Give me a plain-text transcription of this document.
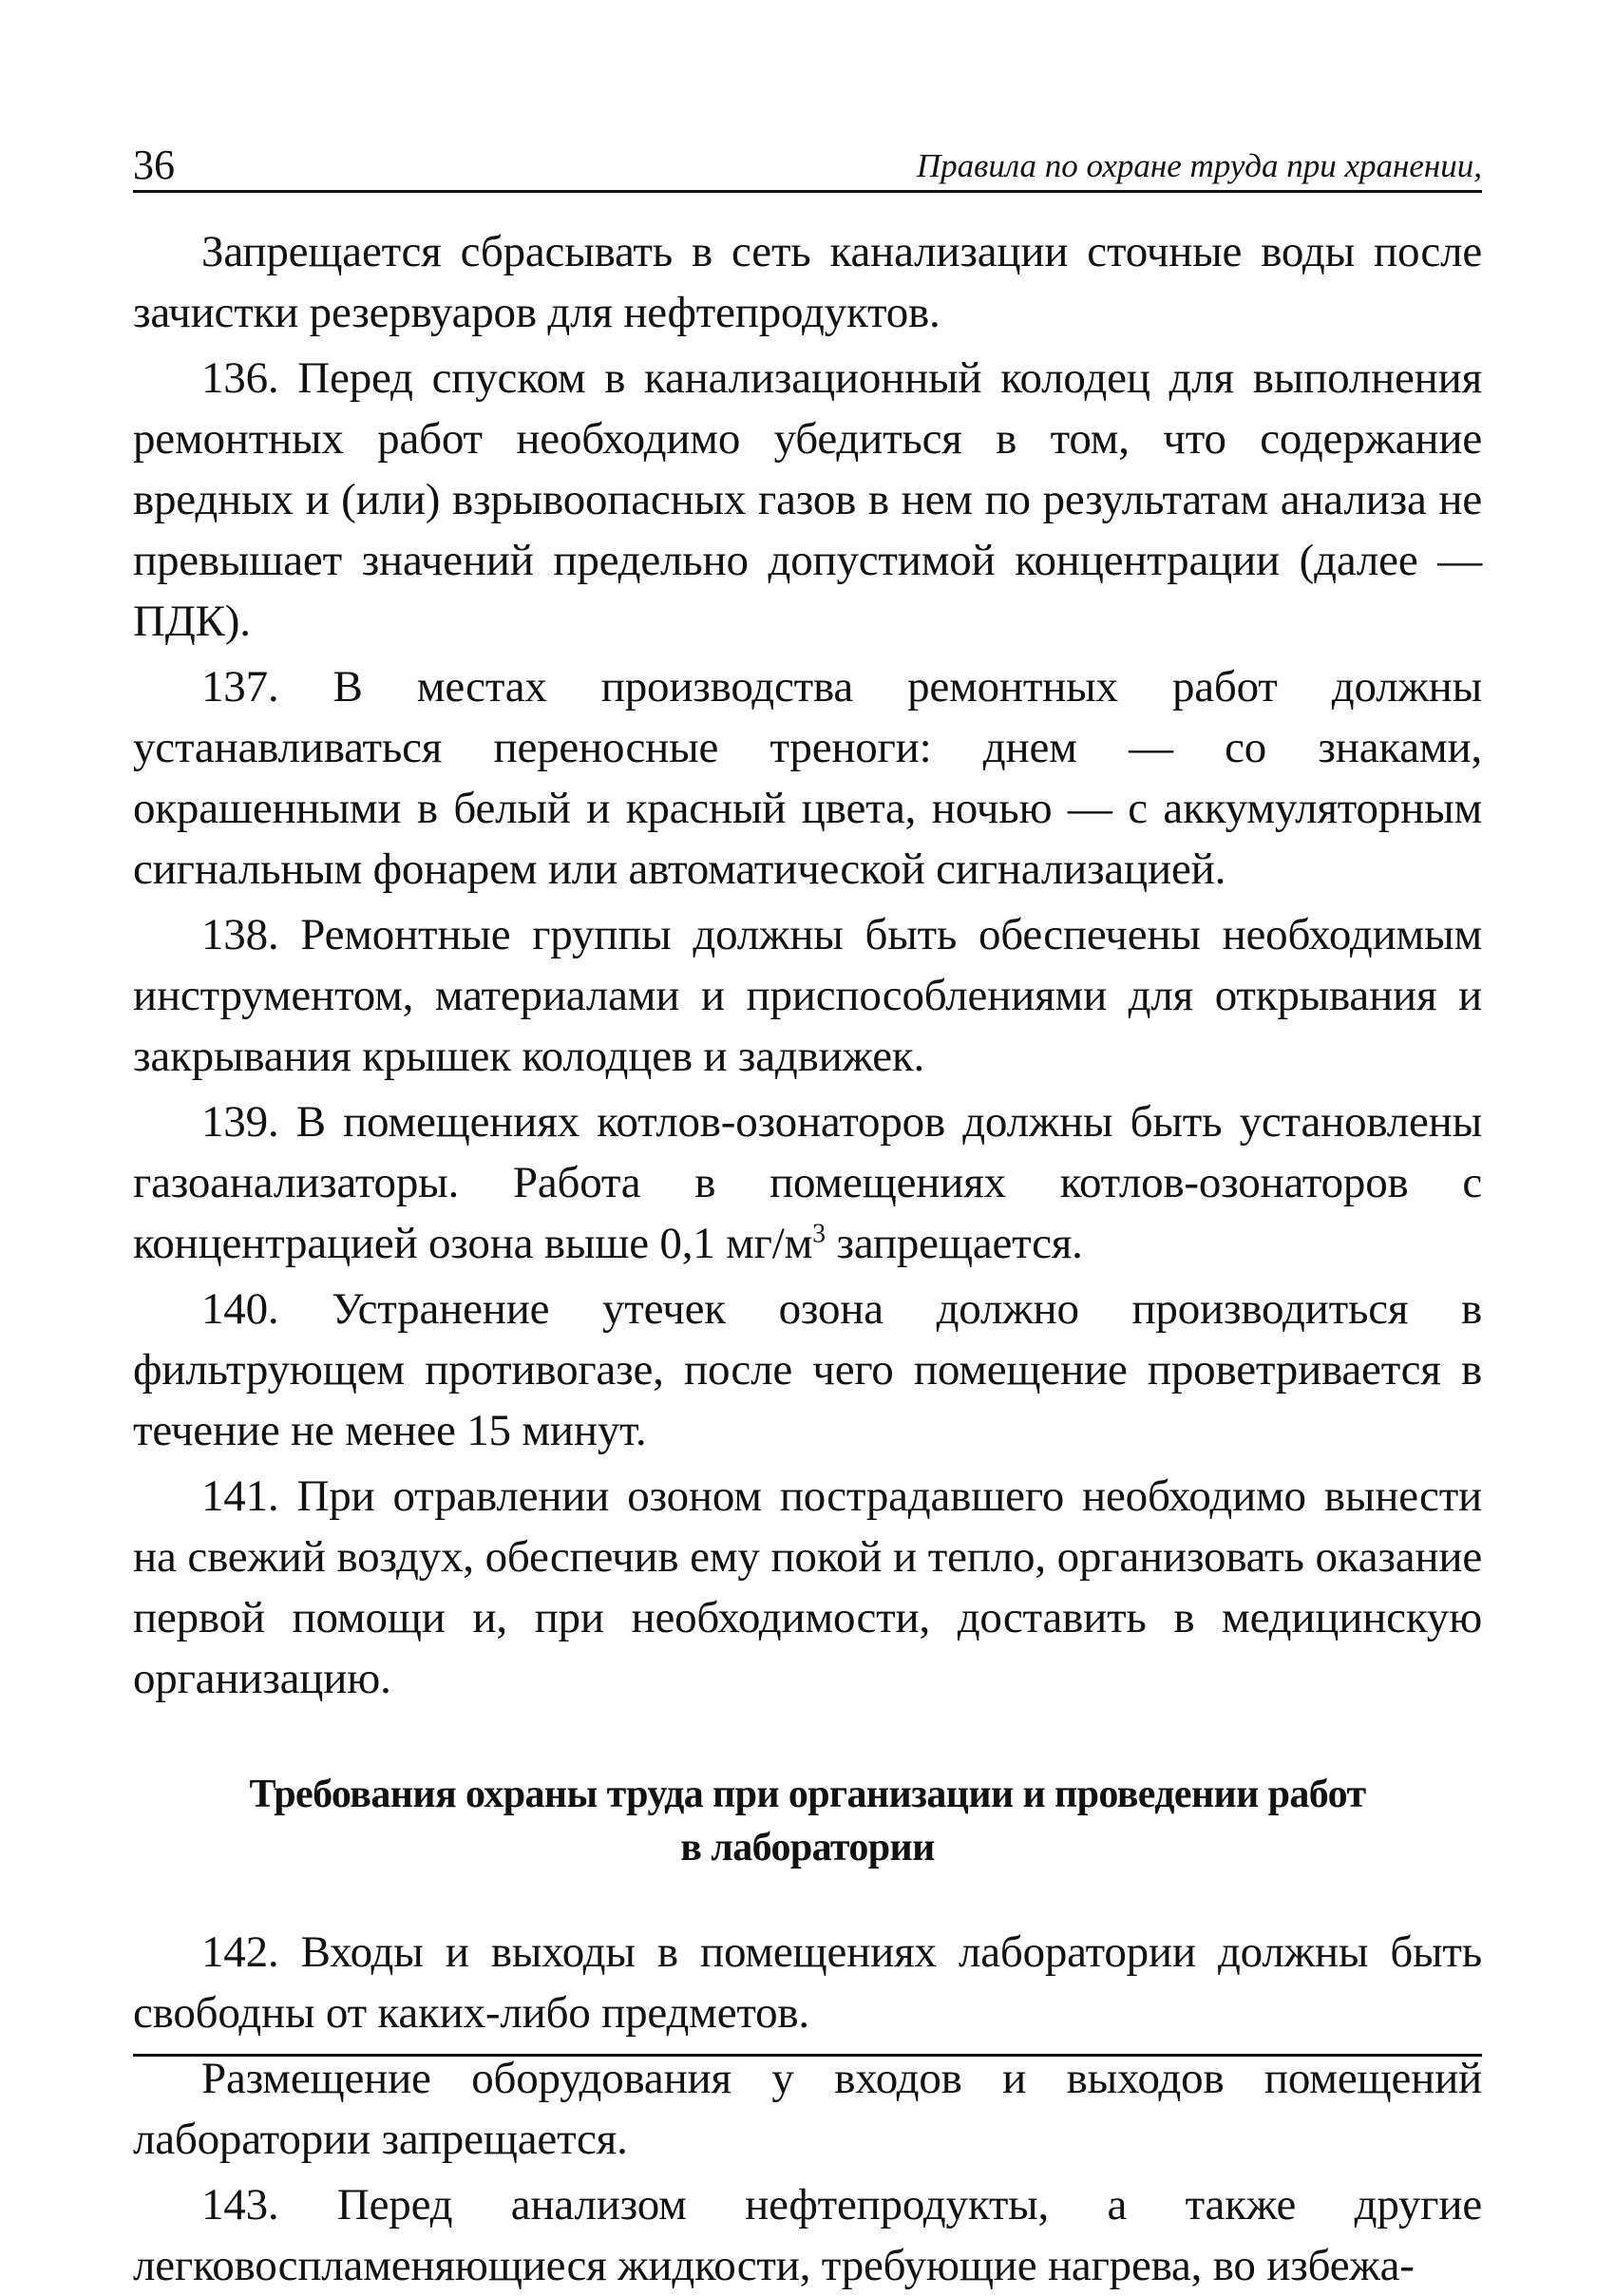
36	Правила по охране труда при хранении,

Запрещается сбрасывать в сеть канализации сточные воды после зачистки резервуаров для нефтепродуктов.

136. Перед спуском в канализационный колодец для выполнения ремонтных работ необходимо убедиться в том, что содержание вредных и (или) взрывоопасных газов в нем по результатам анализа не превышает значений предельно допустимой концентрации (далее — ПДК).

137. В местах производства ремонтных работ должны устанавливаться переносные треноги: днем — со знаками, окрашенными в белый и красный цвета, ночью — с аккумуляторным сигнальным фонарем или автоматической сигнализацией.

138. Ремонтные группы должны быть обеспечены необходимым инструментом, материалами и приспособлениями для открывания и закрывания крышек колодцев и задвижек.

139. В помещениях котлов-озонаторов должны быть установлены газоанализаторы. Работа в помещениях котлов-озонаторов с концентрацией озона выше 0,1 $мг/м^3$ запрещается.

140. Устранение утечек озона должно производиться в фильтрующем противогазе, после чего помещение проветривается в течение не менее 15 минут.

141. При отравлении озоном пострадавшего необходимо вынести на свежий воздух, обеспечив ему покой и тепло, организовать оказание первой помощи и, при необходимости, доставить в медицинскую организацию.

Требования охраны труда при организации и проведении работ
в лаборатории

142. Входы и выходы в помещениях лаборатории должны быть свободны от каких-либо предметов.

Размещение оборудования у входов и выходов помещений лаборатории запрещается.

143. Перед анализом нефтепродукты, а также другие легковоспламеняющиеся жидкости, требующие нагрева, во избежа-
